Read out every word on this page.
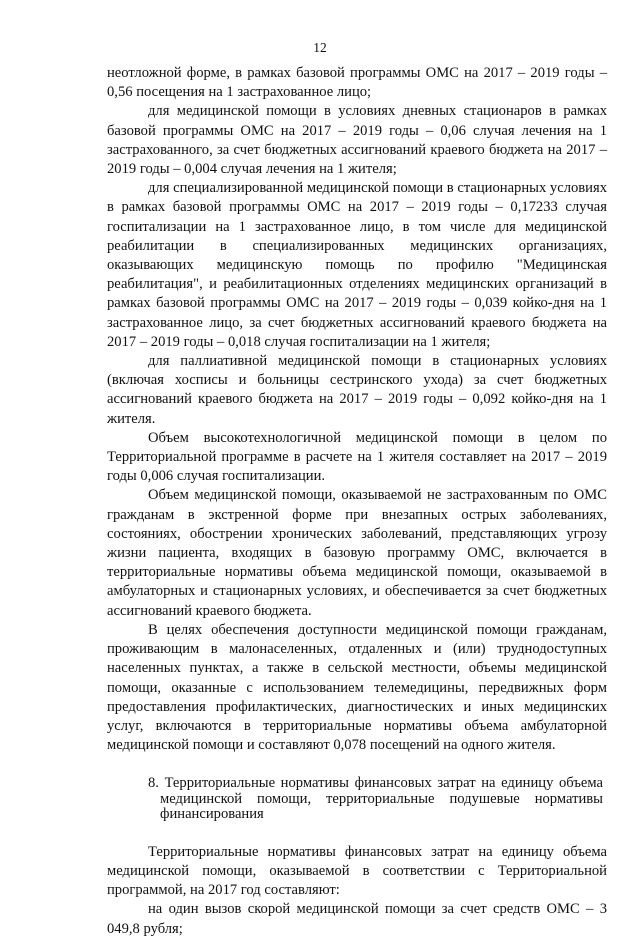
12

неотложной форме, в рамках базовой программы ОМС на 2017 – 2019 годы – 0,56 посещения на 1 застрахованное лицо;

для медицинской помощи в условиях дневных стационаров в рамках базовой программы ОМС на 2017 – 2019 годы – 0,06 случая лечения на 1 застрахованного, за счет бюджетных ассигнований краевого бюджета на 2017 – 2019 годы – 0,004 случая лечения на 1 жителя;

для специализированной медицинской помощи в стационарных условиях в рамках базовой программы ОМС на 2017 – 2019 годы – 0,17233 случая госпитализации на 1 застрахованное лицо, в том числе для медицинской реабилитации в специализированных медицинских организациях, оказывающих медицинскую помощь по профилю "Медицинская реабилитация", и реабилитационных отделениях медицинских организаций в рамках базовой программы ОМС на 2017 – 2019 годы – 0,039 койко-дня на 1 застрахованное лицо, за счет бюджетных ассигнований краевого бюджета на 2017 – 2019 годы – 0,018 случая госпитализации на 1 жителя;

для паллиативной медицинской помощи в стационарных условиях (включая хосписы и больницы сестринского ухода) за счет бюджетных ассигнований краевого бюджета на 2017 – 2019 годы – 0,092 койко-дня на 1 жителя.

Объем высокотехнологичной медицинской помощи в целом по Территориальной программе в расчете на 1 жителя составляет на 2017 – 2019 годы 0,006 случая госпитализации.

Объем медицинской помощи, оказываемой не застрахованным по ОМС гражданам в экстренной форме при внезапных острых заболеваниях, состояниях, обострении хронических заболеваний, представляющих угрозу жизни пациента, входящих в базовую программу ОМС, включается в территориальные нормативы объема медицинской помощи, оказываемой в амбулаторных и стационарных условиях, и обеспечивается за счет бюджетных ассигнований краевого бюджета.

В целях обеспечения доступности медицинской помощи гражданам, проживающим в малонаселенных, отдаленных и (или) труднодоступных населенных пунктах, а также в сельской местности, объемы медицинской помощи, оказанные с использованием телемедицины, передвижных форм предоставления профилактических, диагностических и иных медицинских услуг, включаются в территориальные нормативы объема амбулаторной медицинской помощи и составляют 0,078 посещений на одного жителя.

8. Территориальные нормативы финансовых затрат на единицу объема медицинской помощи, территориальные подушевые нормативы финансирования

Территориальные нормативы финансовых затрат на единицу объема медицинской помощи, оказываемой в соответствии с Территориальной программой, на 2017 год составляют:

на один вызов скорой медицинской помощи за счет средств ОМС – 3 049,8 рубля;
